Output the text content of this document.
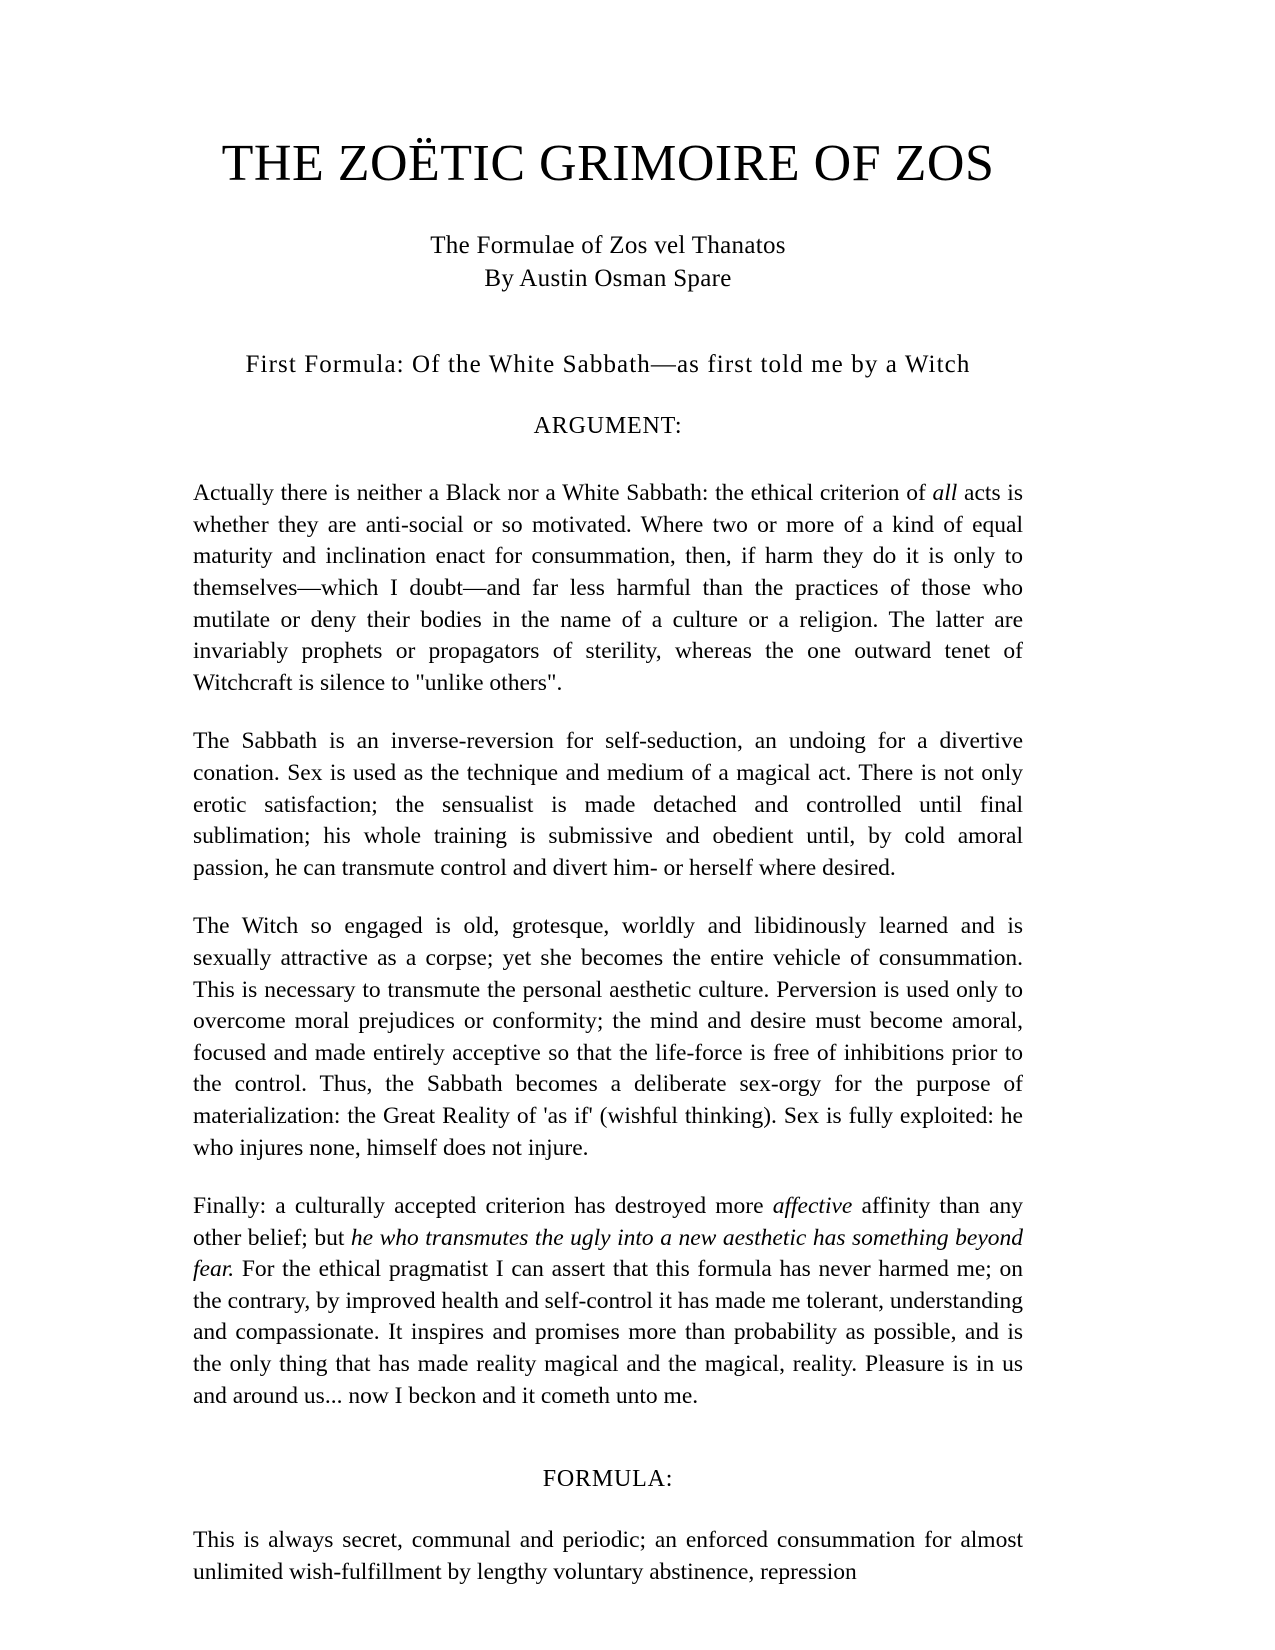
THE ZOËTIC GRIMOIRE OF ZOS
The Formulae of Zos vel Thanatos
By Austin Osman Spare
First Formula: Of the White Sabbath—as first told me by a Witch
ARGUMENT:

Actually there is neither a Black nor a White Sabbath: the ethical criterion of all acts is whether they are anti-social or so motivated. Where two or more of a kind of equal maturity and inclination enact for consummation, then, if harm they do it is only to themselves—which I doubt—and far less harmful than the practices of those who mutilate or deny their bodies in the name of a culture or a religion. The latter are invariably prophets or propagators of sterility, whereas the one outward tenet of Witchcraft is silence to "unlike others".

The Sabbath is an inverse-reversion for self-seduction, an undoing for a divertive conation. Sex is used as the technique and medium of a magical act. There is not only erotic satisfaction; the sensualist is made detached and controlled until final sublimation; his whole training is submissive and obedient until, by cold amoral passion, he can transmute control and divert him- or herself where desired.

The Witch so engaged is old, grotesque, worldly and libidinously learned and is sexually attractive as a corpse; yet she becomes the entire vehicle of consummation. This is necessary to transmute the personal aesthetic culture. Perversion is used only to overcome moral prejudices or conformity; the mind and desire must become amoral, focused and made entirely acceptive so that the life-force is free of inhibitions prior to the control. Thus, the Sabbath becomes a deliberate sex-orgy for the purpose of materialization: the Great Reality of 'as if' (wishful thinking). Sex is fully exploited: he who injures none, himself does not injure.

Finally: a culturally accepted criterion has destroyed more affective affinity than any other belief; but he who transmutes the ugly into a new aesthetic has something beyond fear. For the ethical pragmatist I can assert that this formula has never harmed me; on the contrary, by improved health and self-control it has made me tolerant, understanding and compassionate. It inspires and promises more than probability as possible, and is the only thing that has made reality magical and the magical, reality. Pleasure is in us and around us... now I beckon and it cometh unto me.

FORMULA:

This is always secret, communal and periodic; an enforced consummation for almost unlimited wish-fulfillment by lengthy voluntary abstinence, repression
